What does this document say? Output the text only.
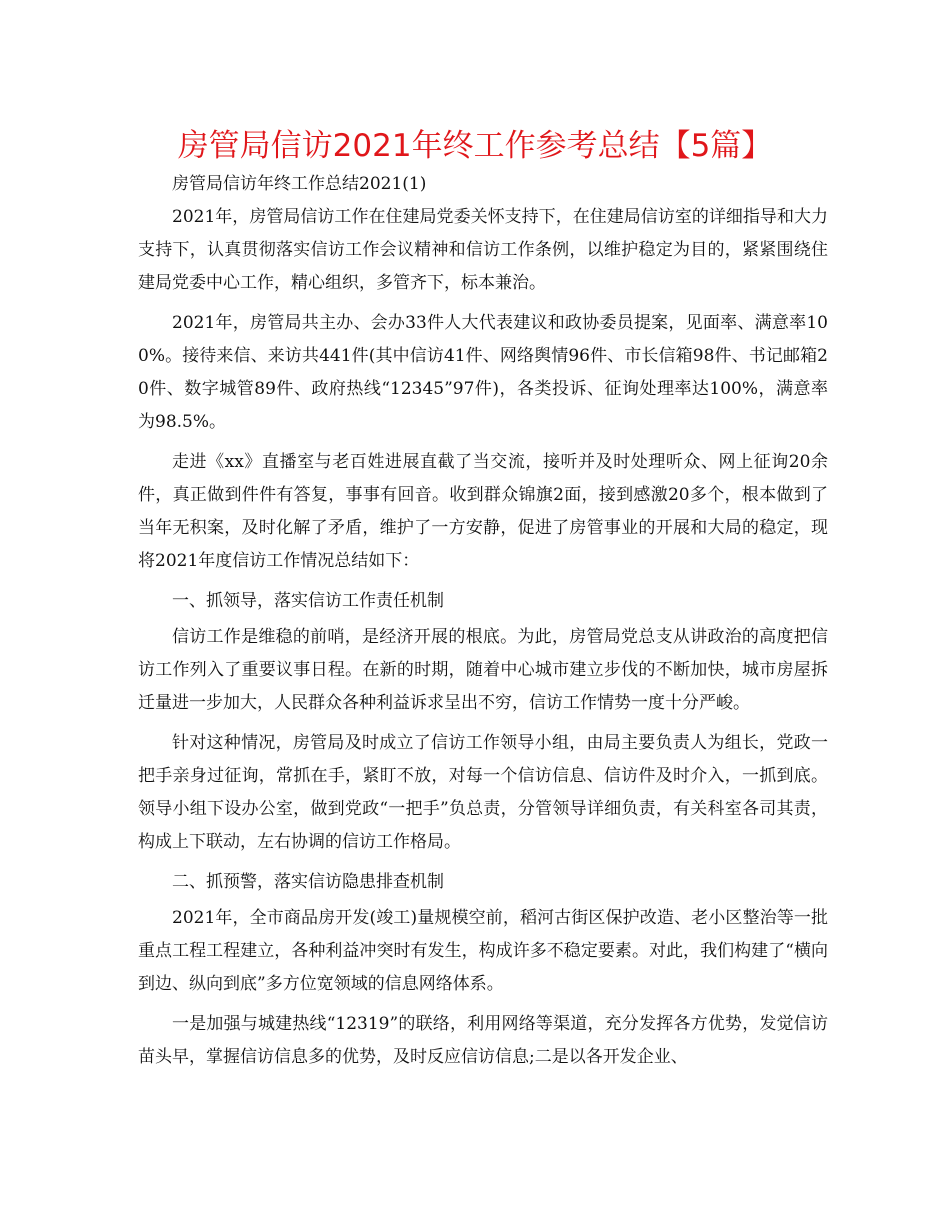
房管局信访2021年终工作参考总结【5篇】

房管局信访年终工作总结2021(1)

2021年，房管局信访工作在住建局党委关怀支持下，在住建局信访室的详细指导和大力支持下，认真贯彻落实信访工作会议精神和信访工作条例，以维护稳定为目的，紧紧围绕住建局党委中心工作，精心组织，多管齐下，标本兼治。

2021年，房管局共主办、会办33件人大代表建议和政协委员提案，见面率、满意率100%。接待来信、来访共441件(其中信访41件、网络舆情96件、市长信箱98件、书记邮箱20件、数字城管89件、政府热线“12345”97件)，各类投诉、征询处理率达100%，满意率为98.5%。

走进《xx》直播室与老百姓进展直截了当交流，接听并及时处理听众、网上征询20余件，真正做到件件有答复，事事有回音。收到群众锦旗2面，接到感激20多个，根本做到了当年无积案，及时化解了矛盾，维护了一方安静，促进了房管事业的开展和大局的稳定，现将2021年度信访工作情况总结如下：

一、抓领导，落实信访工作责任机制

信访工作是维稳的前哨，是经济开展的根底。为此，房管局党总支从讲政治的高度把信访工作列入了重要议事日程。在新的时期，随着中心城市建立步伐的不断加快，城市房屋拆迁量进一步加大，人民群众各种利益诉求呈出不穷，信访工作情势一度十分严峻。

针对这种情况，房管局及时成立了信访工作领导小组，由局主要负责人为组长，党政一把手亲身过征询，常抓在手，紧盯不放，对每一个信访信息、信访件及时介入，一抓到底。领导小组下设办公室，做到党政“一把手”负总责，分管领导详细负责，有关科室各司其责，构成上下联动，左右协调的信访工作格局。

二、抓预警，落实信访隐患排查机制

2021年，全市商品房开发(竣工)量规模空前，稻河古街区保护改造、老小区整治等一批重点工程工程建立，各种利益冲突时有发生，构成许多不稳定要素。对此，我们构建了“横向到边、纵向到底”多方位宽领域的信息网络体系。

一是加强与城建热线“12319”的联络，利用网络等渠道，充分发挥各方优势，发觉信访苗头早，掌握信访信息多的优势，及时反应信访信息;二是以各开发企业、
